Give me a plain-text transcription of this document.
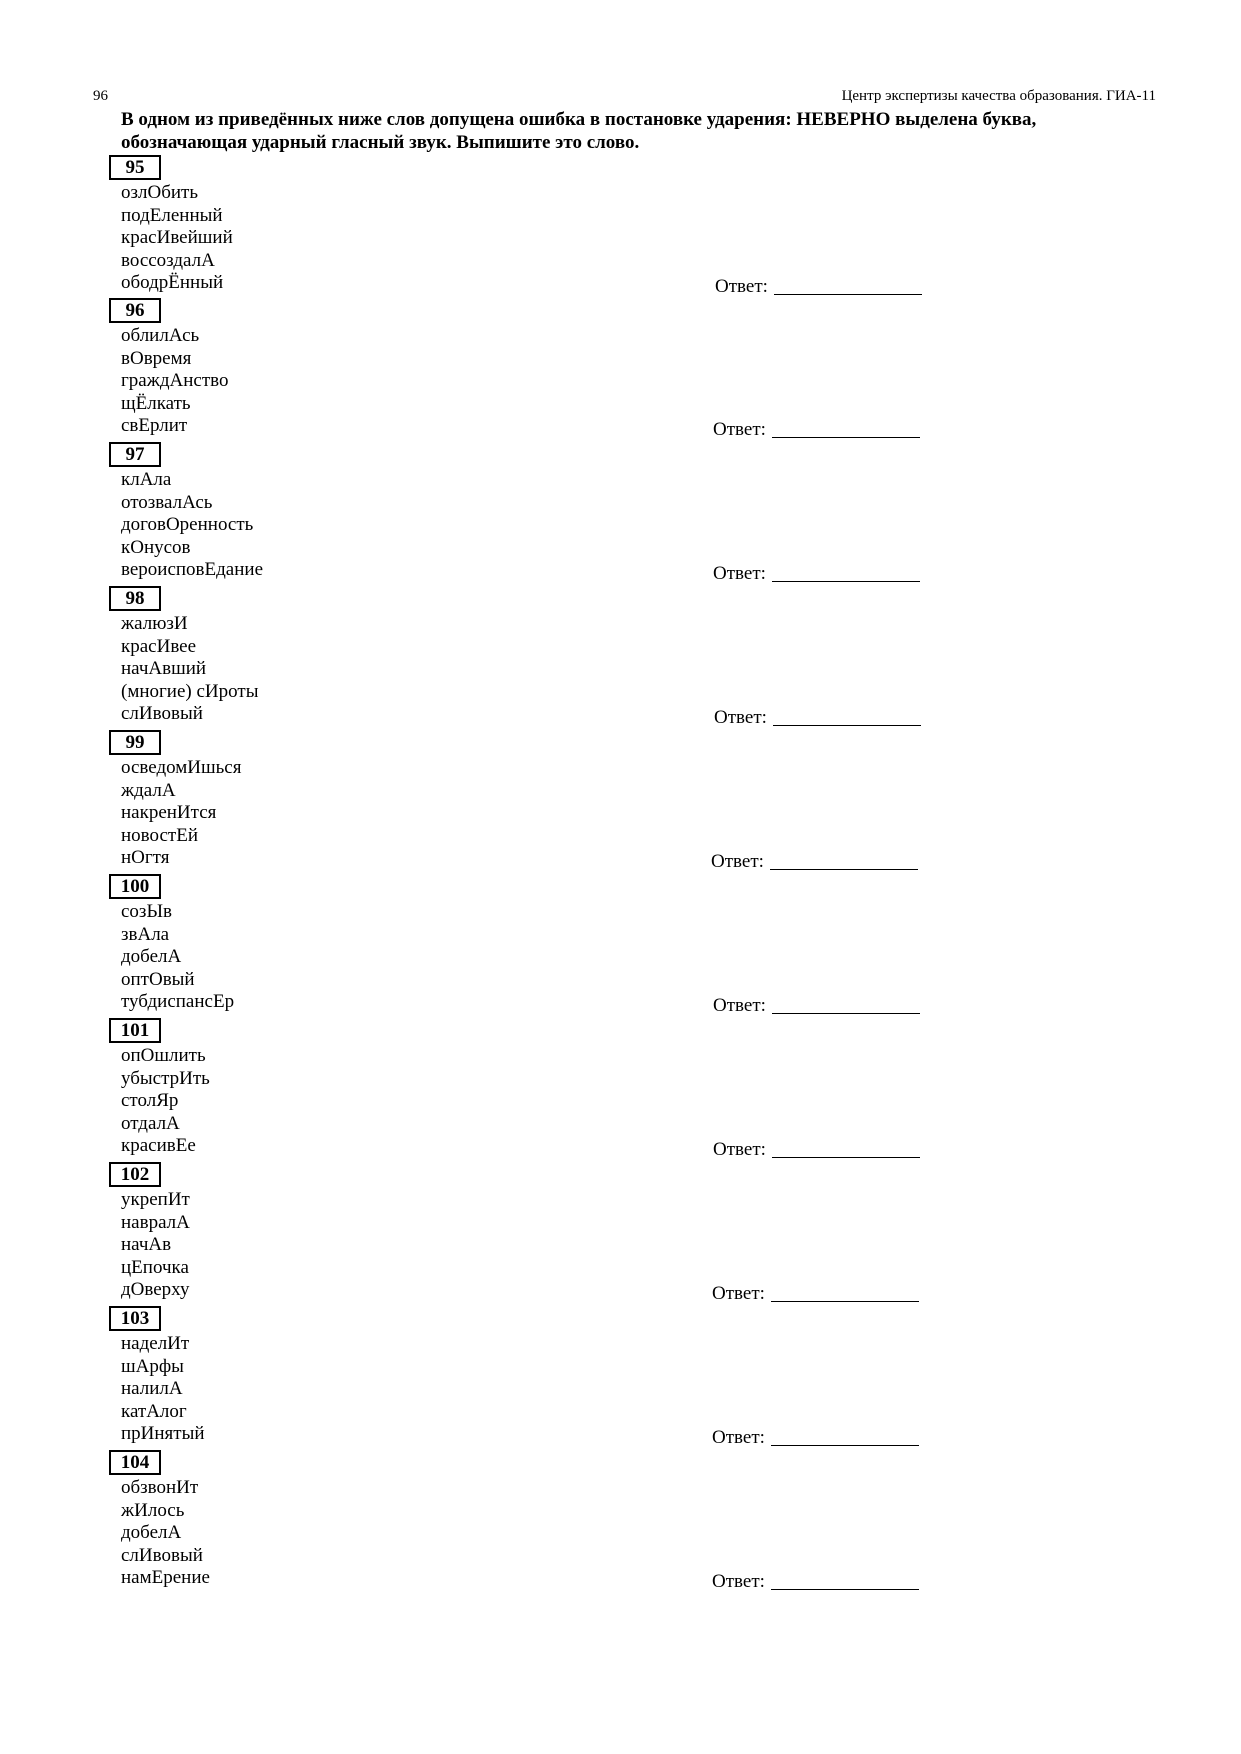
96	Центр экспертизы качества образования. ГИА-11
В одном из приведённых ниже слов допущена ошибка в постановке ударения: НЕВЕРНО выделена буква, обозначающая ударный гласный звук. Выпишите это слово.
95
озлОбить
подЕленный
красИвейший
воссоздалА
ободрЁнный	Ответ:
96
облилАсь
вОвремя
граждАнство
щЁлкать
свЕрлит	Ответ:
97
клАла
отозвалАсь
договОренность
кОнусов
вероисповЕдание	Ответ:
98
жалюзИ
красИвее
начАвший
(многие) сИроты
слИвовый	Ответ:
99
осведомИшься
ждалА
накренИтся
новостЕй
нОгтя	Ответ:
100
созЫв
звАла
добелА
оптОвый
тубдиспансЕр	Ответ:
101
опОшлить
убыстрИть
столЯр
отдалА
красивЕе	Ответ:
102
укрепИт
навралА
начАв
цЕпочка
дОверху	Ответ:
103
наделИт
шАрфы
налилА
катАлог
прИнятый	Ответ:
104
обзвонИт
жИлось
добелА
слИвовый
намЕрение	Ответ:
